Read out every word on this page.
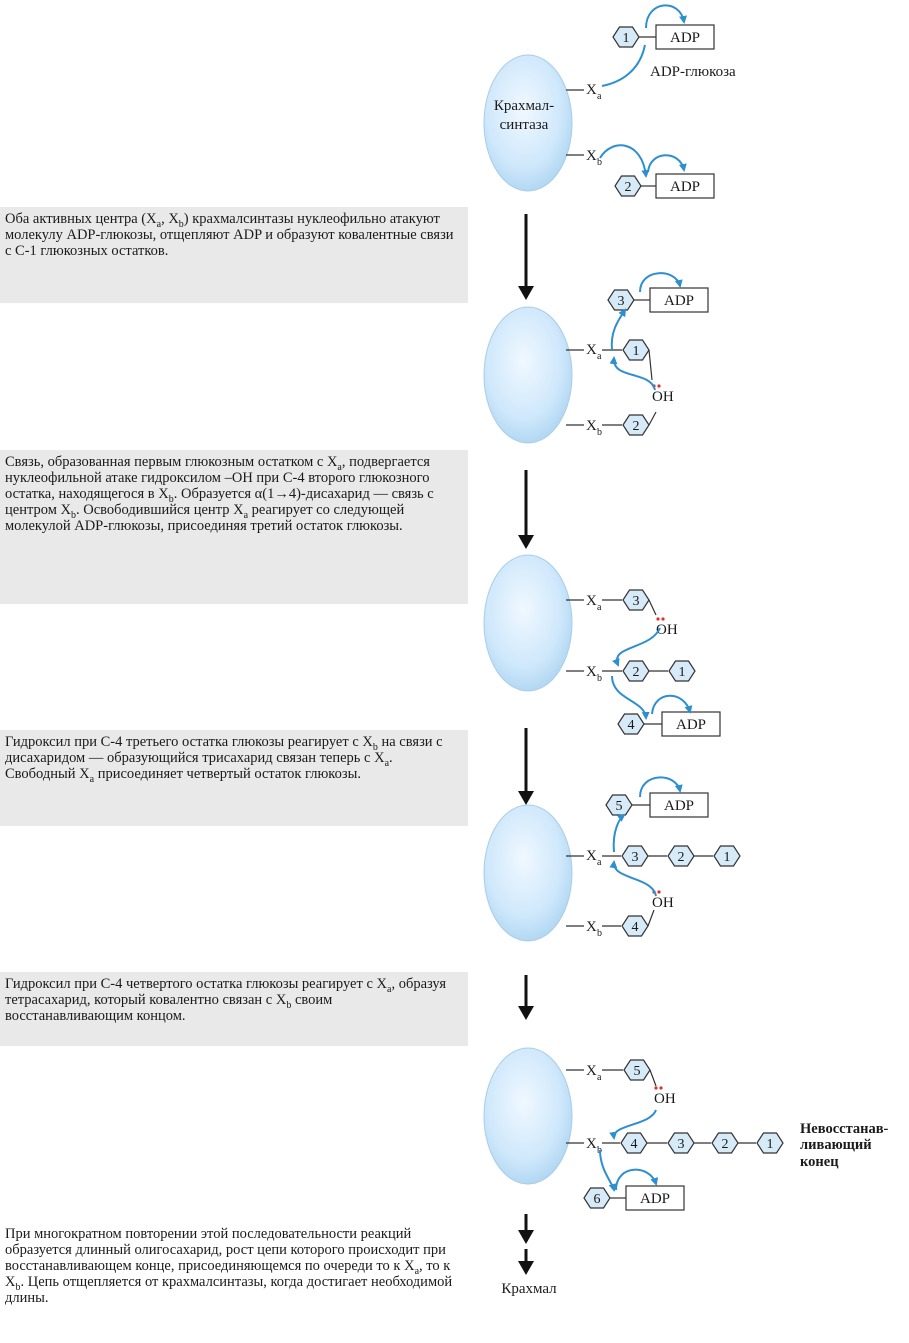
Оба активных центра ($X_a$, $X_b$) крахмалсинтазы нуклеофильно атакуют молекулу ADP-глюкозы, отщепляют ADP и образуют ковалентные связи с С-1 глюкозных остатков.
Связь, образованная первым глюкозным остатком с $X_a$, подвергается нуклеофильной атаке гидроксилом –OH при С-4 второго глюкозного остатка, находящегося в $X_b$. Образуется α(1→4)-дисахарид — связь с центром $X_b$. Освободившийся центр $X_a$ реагирует со следующей молекулой ADP-глюкозы, присоединяя третий остаток глюкозы.
Гидроксил при С-4 третьего остатка глюкозы реагирует с $X_b$ на связи с дисахаридом — образующийся трисахарид связан теперь с $X_a$. Свободный $X_a$ присоединяет четвертый остаток глюкозы.
Гидроксил при С-4 четвертого остатка глюкозы реагирует с $X_a$, образуя тетрасахарид, который ковалентно связан с $X_b$ своим восстанавливающим концом.
При многократном повторении этой последовательности реакций образуется длинный олигосахарид, рост цепи которого происходит при восстанавливающем конце, присоединяющемся по очереди то к $X_a$, то к $X_b$. Цепь отщепляется от крахмалсинтазы, когда достигает необходимой длины.
Крахмал-
синтаза
X a
X b
1	ADP
ADP-глюкоза
2	ADP
X a 1
3	ADP
OH
X b 2
X a 3
OH
X b 2	1
4	ADP
5	ADP
X a 3	2	1
X b 4
OH
X a 5
OH
X b 4	3	2	1
6	ADP
Невосстанав-
ливающий
конец
Крахмал
